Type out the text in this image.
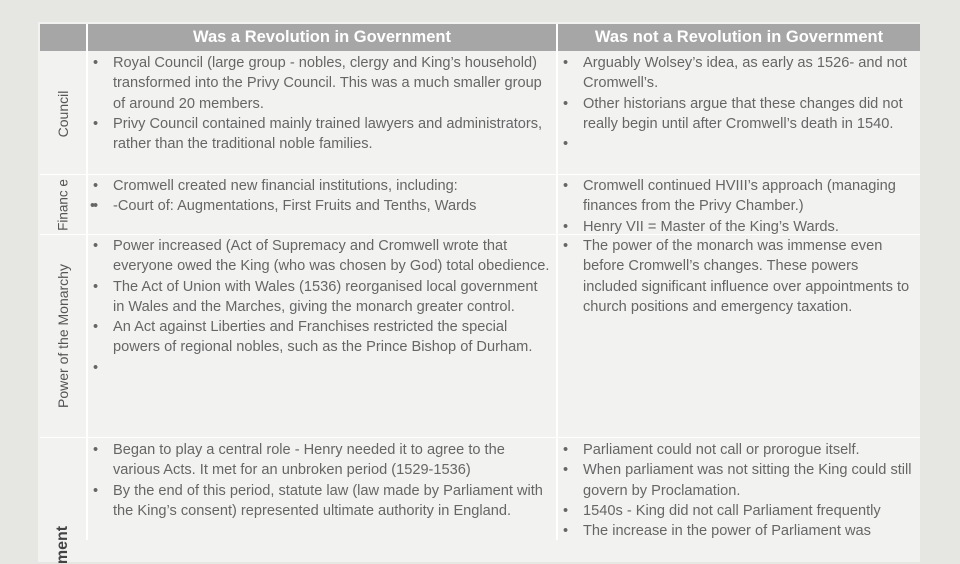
Was a Revolution in Government	Was not a Revolution in Government
Council
Financ e
Power of the Monarchy
ment
• Royal Council (large group - nobles, clergy and King’s household) transformed into the Privy Council. This was a much smaller group of around 20 members.
• Privy Council contained mainly trained lawyers and administrators, rather than the traditional noble families.
• Arguably Wolsey’s idea, as early as 1526- and not Cromwell’s.
• Other historians argue that these changes did not really begin until after Cromwell’s death in 1540.
•
• Cromwell created new financial institutions, including:
• • -Court of: Augmentations, First Fruits and Tenths, Wards
• Cromwell continued HVIII’s approach (managing finances from the Privy Chamber.)
• Henry VII = Master of the King’s Wards.
• Power increased (Act of Supremacy and Cromwell wrote that everyone owed the King (who was chosen by God) total obedience.
• The Act of Union with Wales (1536) reorganised local government in Wales and the Marches, giving the monarch greater control.
• An Act against Liberties and Franchises restricted the special powers of regional nobles, such as the Prince Bishop of Durham.
•
• The power of the monarch was immense even before Cromwell’s changes. These powers included significant influence over appointments to church positions and emergency taxation.
• Began to play a central role - Henry needed it to agree to the various Acts. It met for an unbroken period (1529-1536)
• By the end of this period, statute law (law made by Parliament with the King’s consent) represented ultimate authority in England.
• Parliament could not call or prorogue itself.
• When parliament was not sitting the King could still govern by Proclamation.
• 1540s - King did not call Parliament frequently
• The increase in the power of Parliament was
